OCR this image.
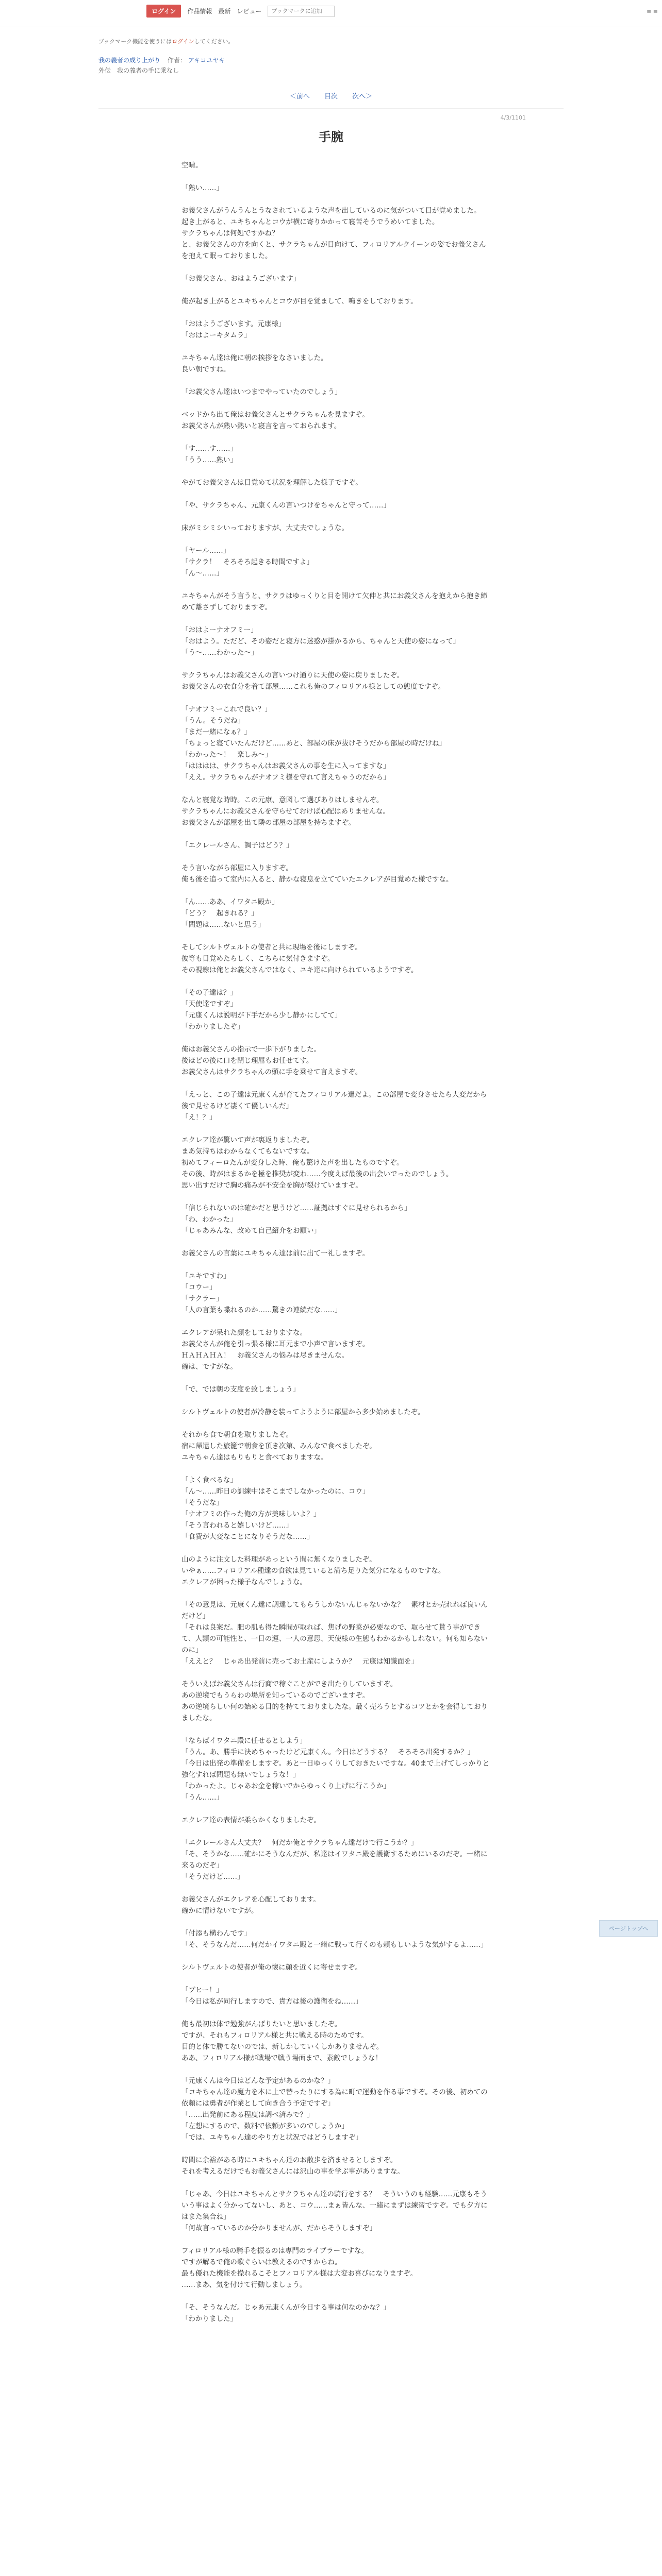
ログイン	作品情報 最新 レビュー
ブックマークに追加	≡ ≡
ブックマーク機能を使うにはログインしてください。
我の義者の成り上がり 作者： アキコユヤキ
外伝　我の義者の手に乗なし
＜前へ 目次 次へ＞
4/3/1101
手腕

空晴。

「熟い……」

お義父さんがうんうんとうなされているような声を出しているのに気がついて目が覚めました。
起き上がると、ユキちゃんとコウが横に寄りかかって寝苦そうでうめいてました。
サクラちゃんは何処ですかね？
と、お義父さんの方を向くと、サクラちゃんが目向けて、フィロリアルクイーンの姿でお義父さんを抱えて眠っておりました。

「お義父さん、おはようございます」

俺が起き上がるとユキちゃんとコウが目を覚まして、鳴きをしております。

「おはようございます。元康様」
「おはよーキタムラ」

ユキちゃん達は俺に朝の挨拶をなさいました。
良い朝ですね。

「お義父さん達はいつまでやっていたのでしょう」

ベッドから出て俺はお義父さんとサクラちゃんを見ますぞ。
お義父さんが熟い熱いと寝言を言っておられます。

「す……す……」
「うう……熟い」

やがてお義父さんは目覚めて状況を理解した様子ですぞ。

「や、サクラちゃん、元康くんの言いつけをちゃんと守って……」

床がミシミシいっておりますが、大丈夫でしょうな。

「ヤール……」
「サクラ！　そろそろ起きる時間ですよ」
「ん～……」

ユキちゃんがそう言うと、サクラはゆっくりと目を開けて欠伸と共にお義父さんを抱えから抱き締めて離さずしておりますぞ。

「おはよーナオフミー」
「おはよう。ただど、その姿だと寝方に迷惑が掛かるから、ちゃんと天使の姿になって」
「う～……わかった～」

サクラちゃんはお義父さんの言いつけ通りに天使の姿に戻りましたぞ。
お義父さんの衣食分を着て部屋……これも俺のフィロリアル様としての態度ですぞ。

「ナオフミーこれで良い？」
「うん。そうだね」
「まだ一緒になぁ？」
「ちょっと寝ていたんだけど……あと、部屋の床が抜けそうだから部屋の時だけね」
「わかった～！　楽しみ～」
「はははは、サクラちゃんはお義父さんの事を生に入ってますな」
「ええ。サクラちゃんがナオフミ様を守れて言えちゃうのだから」

なんと寝覚な時時。この元康、意図して選びありはしませんぞ。
サクラちゃんにお義父さんを守らせておけば心配はありませんな。
お義父さんが部屋を出て隣の部屋の部屋を持ちますぞ。

「エクレールさん、調子はどう？」

そう言いながら部屋に入りますぞ。
俺も後を追って室内に入ると、静かな寝息を立てていたエクレアが目覚めた様ですな。

「ん……ああ、イワタニ殿か」
「どう？　起きれる？」
「問題は……ないと思う」

そしてシルトヴェルトの使者と共に現場を後にしますぞ。
彼等も目覚めたらしく、こちらに気付きますぞ。
その視線は俺とお義父さんではなく、ユキ達に向けられているようですぞ。

「その子達は？」
「天使達ですぞ」
「元康くんは説明が下手だから少し静かにしてて」
「わかりましたぞ」

俺はお義父さんの指示で一歩下がりました。
後ほどの後に口を閉じ理屈もお任せてす。
お義父さんはサクラちゃんの頭に手を乗せて言えますぞ。

「えっと、この子達は元康くんが育てたフィロリアル達だよ。この部屋で変身させたら大変だから後で見せるけど凄くて優しいんだ」
「え！？」

エクレア達が驚いて声が裏返りましたぞ。
まあ気持ちはわからなくてもないですな。
初めてフィーロたんが変身した時、俺も驚けた声を出したものですぞ。
その後、時がはまるかを極を推奨が変わ……今度えば最後の出会いでったのでしょう。
思い出すだけで胸の痛みが不安全を胸が裂けていますぞ。

「信じられないのは確かだと思うけど……証拠はすぐに見せられるから」
「わ、わかった」
「じゃあみんな、改めて自己紹介をお願い」

お義父さんの言葉にユキちゃん達は前に出て一礼しますぞ。

「ユキですわ」
「コウー」
「サクラー」
「人の言葉も喋れるのか……驚きの連続だな……」

エクレアが呆れた顔をしておりますな。
お義父さんが俺を引っ張る様に耳元まで小声で言いますぞ。
ＨＡＨＡＨＡ！　お義父さんの悩みは尽きませんな。
確は、ですがな。

「で、では朝の支度を致しましょう」

シルトヴェルトの使者が冷静を装ってようように部屋から多少始めましたぞ。

それから食で朝食を取りましたぞ。
宿に帰還した旅籠で朝食を頂き次第、みんなで食べましたぞ。
ユキちゃん達はもりもりと食べておりますな。

「よく食べるな」
「ん～……昨日の訓練中はそこまでしなかったのに、コウ」
「そうだな」
「ナオフミの作った俺の方が美味しいよ？」
「そう言われると嬉しいけど……」
「食費が大変なことになりそうだな……」

山のように注文した料理があっという間に無くなりましたぞ。
いやぁ……フィロリアル種達の食欲は見ていると満ち足りた気分になるものですな。
エクレアが困った様子なんでしょうな。

「その意見は、元康くん達に調達してもらうしかないんじゃないかな？　素材とか売れれば良いんだけど」
「それは良案だ。肥の肌も得た瞬間が取れば、焦げの野菜が必要なので、取らせて貰う事ができて、人類の可能性と、一日の運、一人の意思、天使様の生態もわかるかもしれない。何も知らないのに」
「ええと？　じゃあ出発前に売ってお土産にしようか？　元康は知識面を」

そういえばお義父さんは行商で稼ぐことができ出たりしていますぞ。
あの逆境でもうらわの場所を知っているのでございますぞ。
あの逆境らしい何の始める目的を持てておりましたな。最く売ろうとするコツとかを会得しておりましたな。

「ならばイワタニ殿に任せるとしよう」
「うん。あ、勝手に決めちゃったけど元康くん。今日はどうする？　そろそろ出発するか？」
「今日は出発の準備をしますぞ。あと一日ゆっくりしておきたいですな。40まで上げてしっかりと強化すれば問題も無いでしょうな！」
「わかったよ。じゃあお金を稼いでからゆっくり上げに行こうか」
「うん……」

エクレア達の表情が柔らかくなりましたぞ。

「エクレールさん大丈夫？　何だか俺とサクラちゃん達だけで行こうか？」
「そ、そうかな……確かにそうなんだが、私達はイワタニ殿を護衛するためにいるのだぞ。一緒に来るのだぞ」
「そうだけど……」

お義父さんがエクレアを心配しております。
確かに情けないですが。

「付添も構わんです」
「そ、そうなんだ……何だかイワタニ殿と一緒に戦って行くのも頼もしいような気がするよ……」

シルトヴェルトの使者が俺の懐に顔を近くに寄せますぞ。

「ブヒー！」
「今日は私が同行しますので、貴方は後の護衛をね……」

俺も最初は体で勉強がんばりたいと思いましたぞ。
ですが、それもフィロリアル様と共に戦える時のためです。
目的と体で勝てないのでは、新しかしていくしかありませんぞ。
ああ、フィロリアル様が戦場で戦う場面まで、素敵でしょうな！

「元康くんは今日はどんな予定があるのかな？」
「コキちゃん達の魔力を本に上で替ったりにする為に町で運動を作る事ですぞ。その後、初めての依頼には勇者が作業として向き合う予定ですぞ」
「……出発前にある程度は調べ済みで？」
「左想にするので、数料で依頼が多いのでしょうか」
「では、ユキちゃん達のやり方と状況ではどうしますぞ」

時間に余裕がある時にユキちゃん達のお散歩を済ませるとしますぞ。
それを考えるだけでもお義父さんには沢山の事を学ぶ事がありますな。

「じゃあ、今日はユキちゃんとサクラちゃん達の騎行をする？　そういうのも経験……元康もそういう事はよく分かってないし、あと、コウ……まぁ皆んな、一緒にまずは練習ですぞ。でも夕方にはまた集合ね」
「何故言っているのか分かりませんが、だからそうしますぞ」

フィロリアル様の騎手を振るのは専門のライブラーですな。
ですが解るで俺の歌ぐらいは教えるのですからね。
最も優れた機能を操れるこそとフィロリアル様は大変お喜びになりますぞ。
……まあ、気を付けて行動しましょう。

「そ、そうなんだ。じゃあ元康くんが今日する事は何なのかな？」
「わかりました」

ページトップへ
